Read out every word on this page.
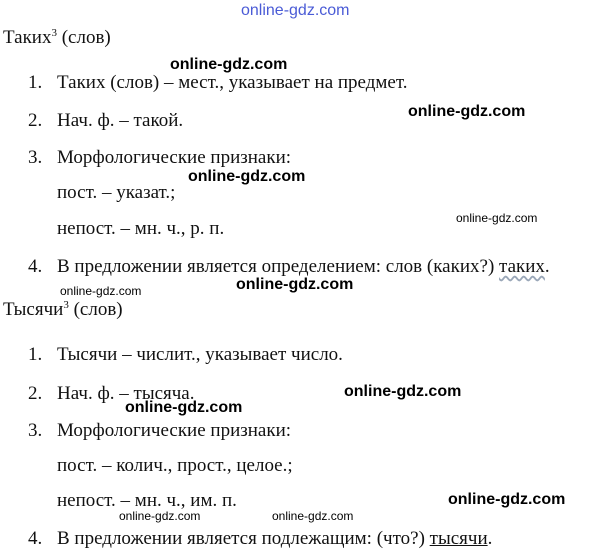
online-gdz.com
online-gdz.com
online-gdz.com
online-gdz.com
online-gdz.com
online-gdz.com
online-gdz.com
online-gdz.com
online-gdz.com
online-gdz.com
online-gdz.com	online-gdz.com
Таких$^3$ (слов)
1. Таких (слов) – мест., указывает на предмет.
2. Нач. ф. – такой.
3. Морфологические признаки:
пост. – указат.;
непост. – мн. ч., р. п.
4. В предложении является определением: слов (каких?) таких.
Тысячи$^3$ (слов)
1. Тысячи – числит., указывает число.
2. Нач. ф. – тысяча.
3. Морфологические признаки:
пост. – колич., прост., целое.;
непост. – мн. ч., им. п.
4. В предложении является подлежащим: (что?) тысячи.
